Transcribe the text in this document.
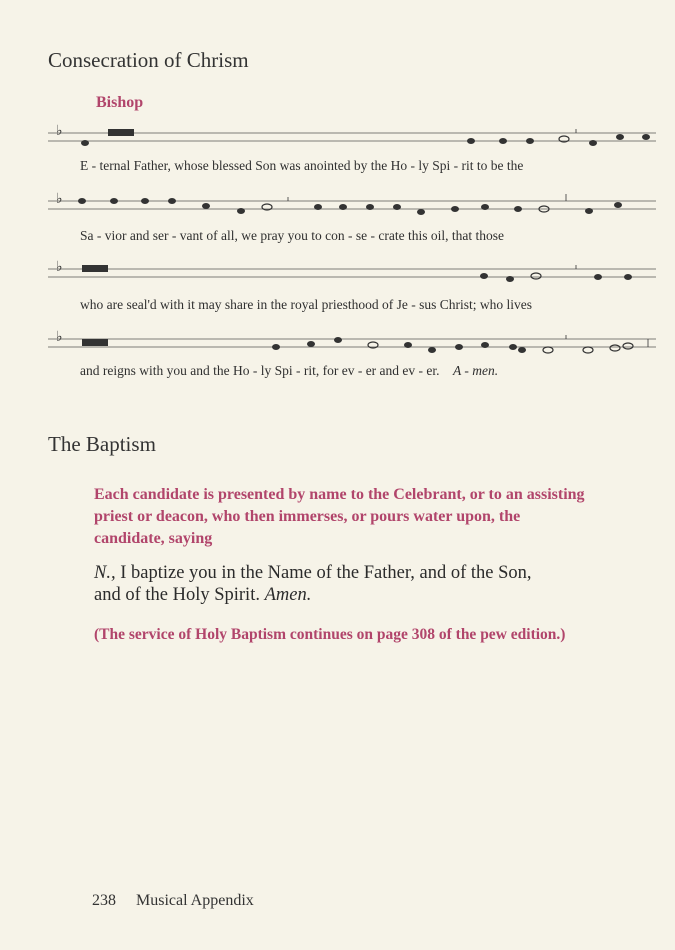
Consecration of Chrism
Bishop
♭

E - ternal Father, whose blessed Son was anointed by the Ho - ly Spi - rit to be the

♭

Sa - vior and ser - vant of all, we pray you to con - se - crate this oil, that those

♭

who are seal'd with it may share in the royal priesthood of Je - sus Christ; who lives

♭

and reigns with you and the Ho - ly Spi - rit, for ev - er and ev - er. A - men.

The Baptism

Each candidate is presented by name to the Celebrant, or to an assisting priest or deacon, who then immerses, or pours water upon, the candidate, saying

N., I baptize you in the Name of the Father, and of the Son,
and of the Holy Spirit. Amen.

(The service of Holy Baptism continues on page 308 of the pew edition.)

238 Musical Appendix
